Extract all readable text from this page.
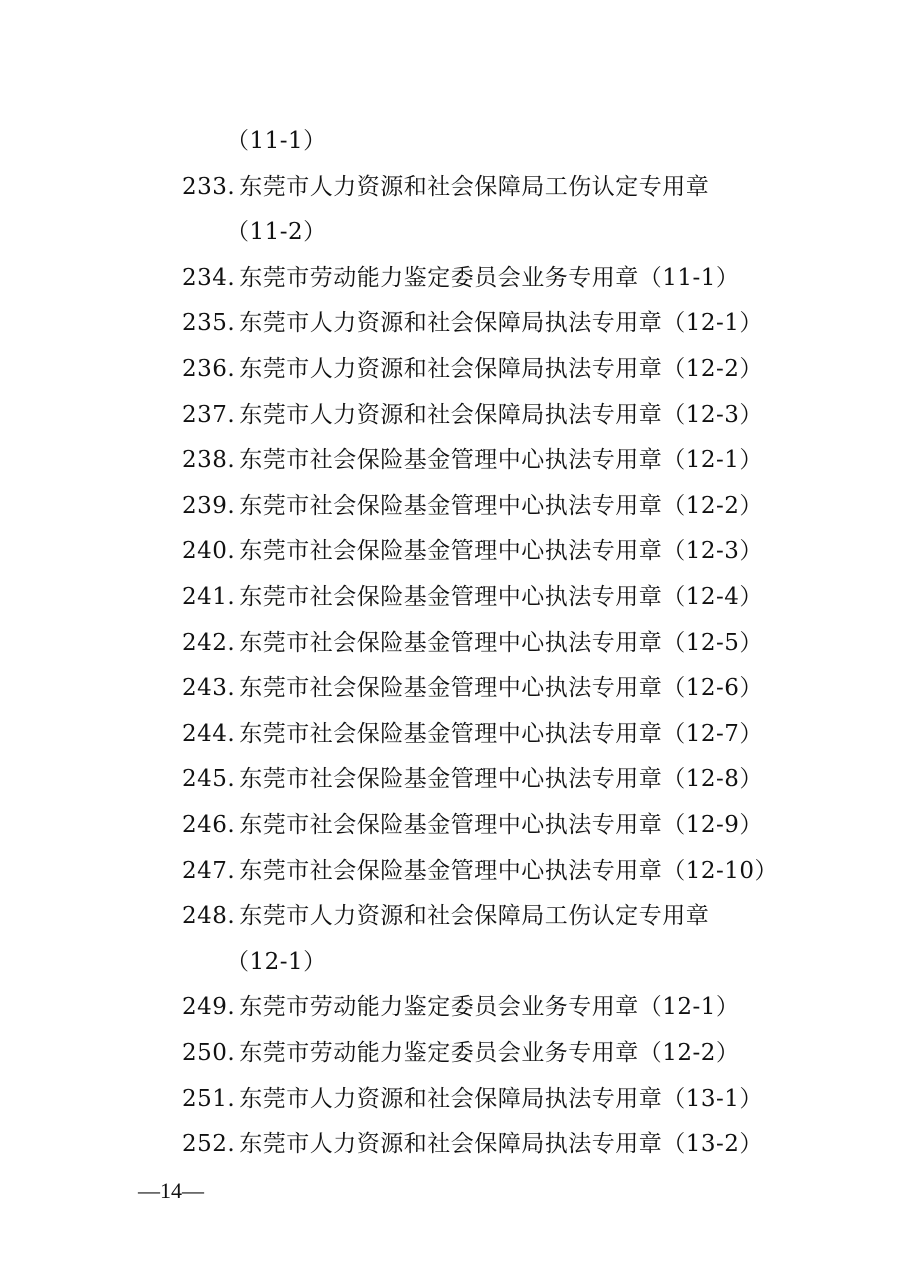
（11-1）
233. 东莞市人力资源和社会保障局工伤认定专用章
（11-2）
234. 东莞市劳动能力鉴定委员会业务专用章（11-1）
235. 东莞市人力资源和社会保障局执法专用章（12-1）
236. 东莞市人力资源和社会保障局执法专用章（12-2）
237. 东莞市人力资源和社会保障局执法专用章（12-3）
238. 东莞市社会保险基金管理中心执法专用章（12-1）
239. 东莞市社会保险基金管理中心执法专用章（12-2）
240. 东莞市社会保险基金管理中心执法专用章（12-3）
241. 东莞市社会保险基金管理中心执法专用章（12-4）
242. 东莞市社会保险基金管理中心执法专用章（12-5）
243. 东莞市社会保险基金管理中心执法专用章（12-6）
244. 东莞市社会保险基金管理中心执法专用章（12-7）
245. 东莞市社会保险基金管理中心执法专用章（12-8）
246. 东莞市社会保险基金管理中心执法专用章（12-9）
247. 东莞市社会保险基金管理中心执法专用章（12-10）
248. 东莞市人力资源和社会保障局工伤认定专用章
（12-1）
249. 东莞市劳动能力鉴定委员会业务专用章（12-1）
250. 东莞市劳动能力鉴定委员会业务专用章（12-2）
251. 东莞市人力资源和社会保障局执法专用章（13-1）
252. 东莞市人力资源和社会保障局执法专用章（13-2）
—14—
